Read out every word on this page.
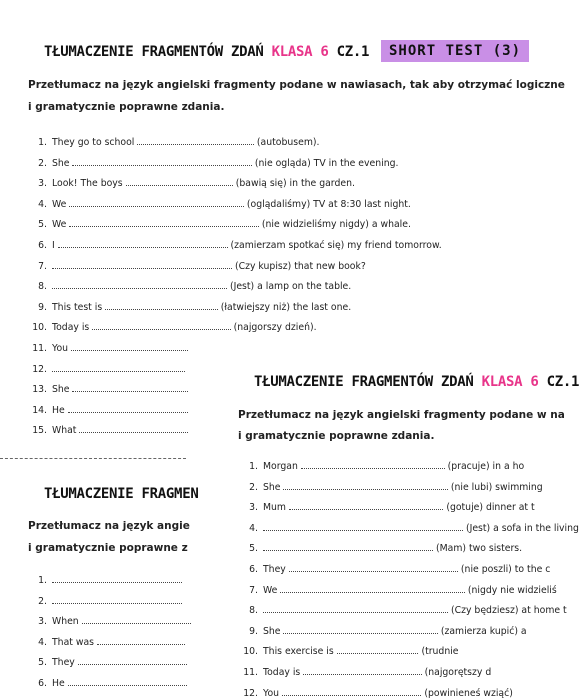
TŁUMACZENIE FRAGMENTÓW ZDAŃ KLASA 6 CZ.1	SHORT TEST (3)
Przetłumacz na język angielski fragmenty podane w nawiasach, tak aby otrzymać logiczne
i gramatycznie poprawne zdania.
1. They go to school	(autobusem).
2. She	(nie ogląda) TV in the evening.
3. Look! The boys	(bawią się) in the garden.
4. We	(oglądaliśmy) TV at 8:30 last night.
5. We	(nie widzieliśmy nigdy) a whale.
6. I	(zamierzam spotkać się) my friend tomorrow.
7.	(Czy kupisz) that new book?
8.	(Jest) a lamp on the table.
9. This test is	(łatwiejszy niż) the last one.
10. Today is	(najgorszy dzień).
11. You
12.
13. She
14. He
15. What
TŁUMACZENIE FRAGMENTÓW ZDAŃ KLASA 6 CZ.1
Przetłumacz na język angielski fragmenty podane w na
i gramatycznie poprawne zdania.
1. Morgan	(pracuje) in a ho
2. She	(nie lubi) swimming
3. Mum	(gotuje) dinner at t
4.	(Jest) a sofa in the living
5.	(Mam) two sisters.
6. They	(nie poszli) to the c
7. We	(nigdy nie widzieliś
8.	(Czy będziesz) at home t
9. She	(zamierza kupić) a
10. This exercise is	(trudnie
11. Today is	(najgorętszy d
12. You	(powinieneś wziąć)
TŁUMACZENIE FRAGMEN
Przetłumacz na język angie
i gramatycznie poprawne z
1.
2.
3. When
4. That was
5. They
6. He
